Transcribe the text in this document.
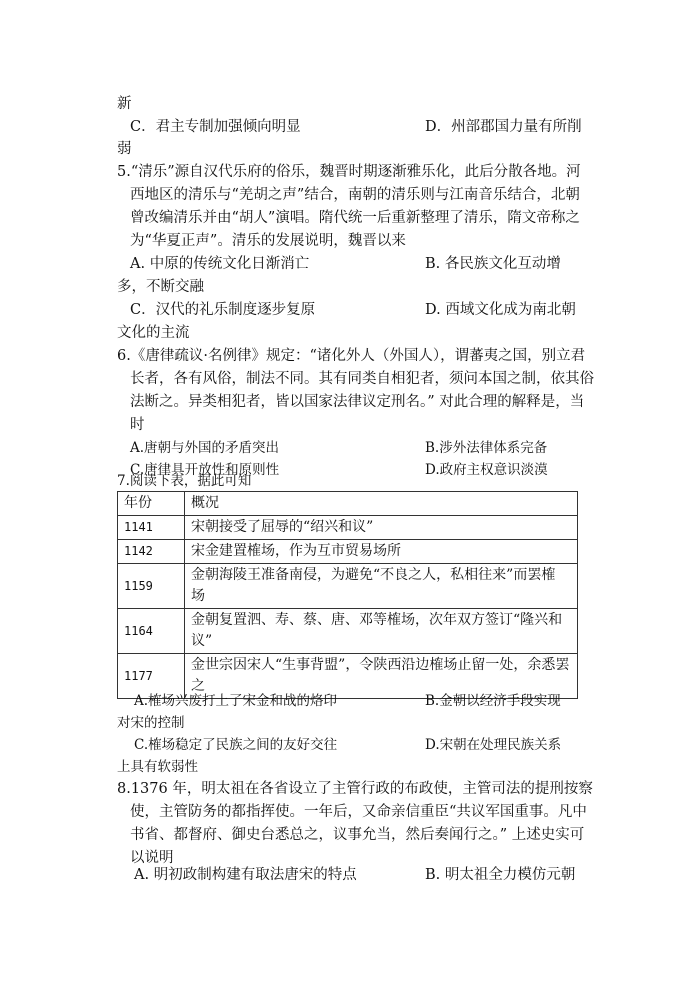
新
C．君主专制加强倾向明显	D．州部郡国力量有所削
弱
5.“清乐”源自汉代乐府的俗乐，魏晋时期逐渐雅乐化，此后分散各地。河
西地区的清乐与“羌胡之声”结合，南朝的清乐则与江南音乐结合，北朝
曾改编清乐并由“胡人”演唱。隋代统一后重新整理了清乐，隋文帝称之
为“华夏正声”。清乐的发展说明，魏晋以来
A. 中原的传统文化日渐消亡	B. 各民族文化互动增
多，不断交融
C．汉代的礼乐制度逐步复原	D. 西域文化成为南北朝
文化的主流
6.《唐律疏议·名例律》规定：“诸化外人（外国人），谓蕃夷之国，别立君
长者，各有风俗，制法不同。其有同类自相犯者，须问本国之制，依其俗
法断之。异类相犯者，皆以国家法律议定刑名。” 对此合理的解释是，当
时
A.唐朝与外国的矛盾突出	B.涉外法律体系完备
C.唐律具开放性和原则性	D.政府主权意识淡漠
7.阅读下表，据此可知
年份	概况
1141	宋朝接受了屈辱的“绍兴和议”

1142	宋金建置榷场，作为互市贸易场所

1159	金朝海陵王准备南侵，为避免“不良之人，私相往来”而罢榷
场

1164	金朝复置泗、寿、蔡、唐、邓等榷场，次年双方签订“隆兴和
议”

1177	金世宗因宋人“生事背盟”，令陕西沿边榷场止留一处，余悉罢
之
A.榷场兴废打上了宋金和战的烙印	B.金朝以经济手段实现
对宋的控制
C.榷场稳定了民族之间的友好交往	D.宋朝在处理民族关系
上具有软弱性
8.1376 年，明太祖在各省设立了主管行政的布政使，主管司法的提刑按察
使，主管防务的都指挥使。一年后，又命亲信重臣“共议军国重事。凡中
书省、都督府、御史台悉总之，议事允当，然后奏闻行之。” 上述史实可
以说明
A. 明初政制构建有取法唐宋的特点	B. 明太祖全力模仿元朝
